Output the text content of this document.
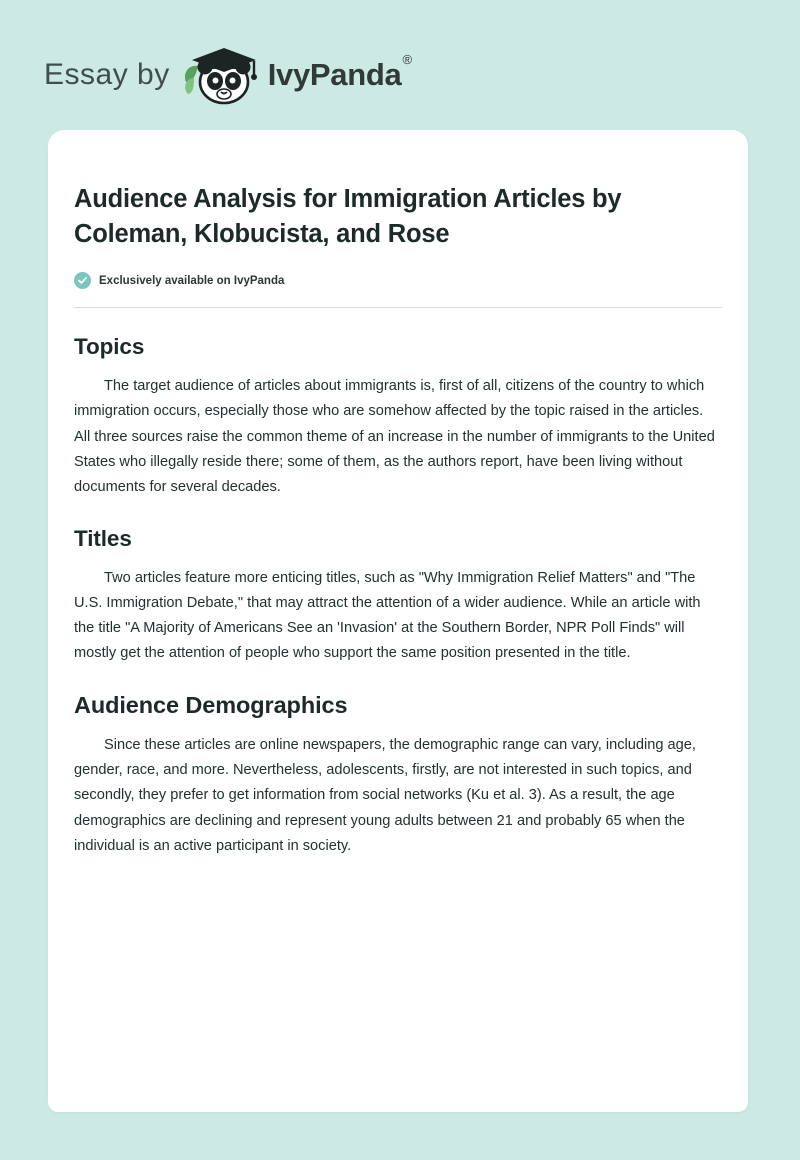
Essay by	IvyPanda®
Audience Analysis for Immigration Articles by Coleman, Klobucista, and Rose
Exclusively available on IvyPanda
Topics

The target audience of articles about immigrants is, first of all, citizens of the country to which immigration occurs, especially those who are somehow affected by the topic raised in the articles. All three sources raise the common theme of an increase in the number of immigrants to the United States who illegally reside there; some of them, as the authors report, have been living without documents for several decades.

Titles

Two articles feature more enticing titles, such as "Why Immigration Relief Matters" and "The U.S. Immigration Debate," that may attract the attention of a wider audience. While an article with the title "A Majority of Americans See an 'Invasion' at the Southern Border, NPR Poll Finds" will mostly get the attention of people who support the same position presented in the title.

Audience Demographics

Since these articles are online newspapers, the demographic range can vary, including age, gender, race, and more. Nevertheless, adolescents, firstly, are not interested in such topics, and secondly, they prefer to get information from social networks (Ku et al. 3). As a result, the age demographics are declining and represent young adults between 21 and probably 65 when the individual is an active participant in society.
